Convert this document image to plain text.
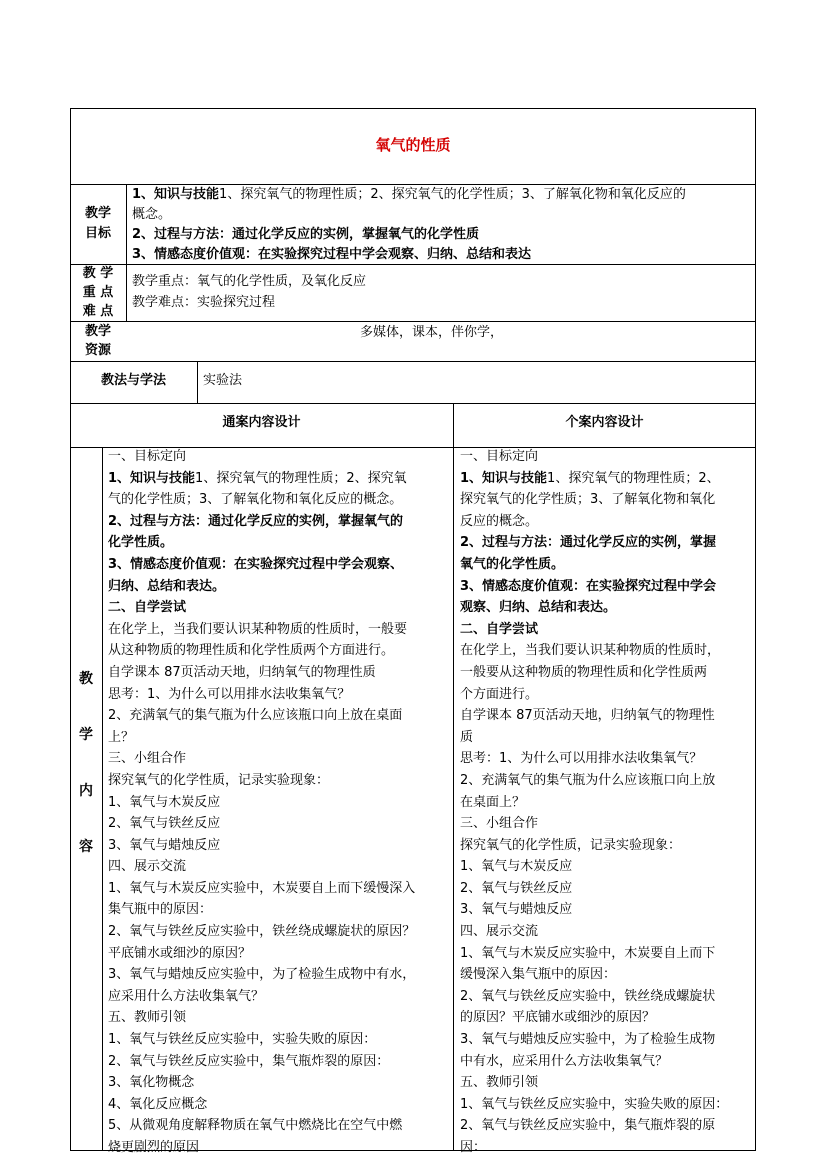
氧气的性质
教学
目标
1、知识与技能1、探究氧气的物理性质；2、探究氧气的化学性质；3、了解氧化物和氧化反应的
概念。
2、过程与方法：通过化学反应的实例，掌握氧气的化学性质
3、情感态度价值观：在实验探究过程中学会观察、归纳、总结和表达
教 学
重 点
难 点
教学重点：氧气的化学性质，及氧化反应
教学难点：实验探究过程
教学
资源
多媒体，课本，伴你学，
教法与学法	实验法
通案内容设计	个案内容设计
教
学
内
容
一、目标定向
1、知识与技能1、探究氧气的物理性质；2、探究氧
气的化学性质；3、了解氧化物和氧化反应的概念。
2、过程与方法：通过化学反应的实例，掌握氧气的
化学性质。
3、情感态度价值观：在实验探究过程中学会观察、
归纳、总结和表达。
二、自学尝试
在化学上，当我们要认识某种物质的性质时，一般要
从这种物质的物理性质和化学性质两个方面进行。
自学课本 87页活动天地，归纳氧气的物理性质
思考：1、为什么可以用排水法收集氧气？
2、充满氧气的集气瓶为什么应该瓶口向上放在桌面
上？
三、小组合作
探究氧气的化学性质，记录实验现象：
1、氧气与木炭反应
2、氧气与铁丝反应
3、氧气与蜡烛反应
四、展示交流
1、氧气与木炭反应实验中，木炭要自上而下缓慢深入
集气瓶中的原因：
2、氧气与铁丝反应实验中，铁丝绕成螺旋状的原因？
平底铺水或细沙的原因？
3、氧气与蜡烛反应实验中，为了检验生成物中有水，
应采用什么方法收集氧气？
五、教师引领
1、氧气与铁丝反应实验中，实验失败的原因：
2、氧气与铁丝反应实验中，集气瓶炸裂的原因：
3、氧化物概念
4、氧化反应概念
5、从微观角度解释物质在氧气中燃烧比在空气中燃
烧更剧烈的原因
一、目标定向
1、知识与技能1、探究氧气的物理性质；2、
探究氧气的化学性质；3、了解氧化物和氧化
反应的概念。
2、过程与方法：通过化学反应的实例，掌握
氧气的化学性质。
3、情感态度价值观：在实验探究过程中学会
观察、归纳、总结和表达。
二、自学尝试
在化学上，当我们要认识某种物质的性质时，
一般要从这种物质的物理性质和化学性质两
个方面进行。
自学课本 87页活动天地，归纳氧气的物理性
质
思考：1、为什么可以用排水法收集氧气？
2、充满氧气的集气瓶为什么应该瓶口向上放
在桌面上？
三、小组合作
探究氧气的化学性质，记录实验现象：
1、氧气与木炭反应
2、氧气与铁丝反应
3、氧气与蜡烛反应
四、展示交流
1、氧气与木炭反应实验中，木炭要自上而下
缓慢深入集气瓶中的原因：
2、氧气与铁丝反应实验中，铁丝绕成螺旋状
的原因？平底铺水或细沙的原因？
3、氧气与蜡烛反应实验中，为了检验生成物
中有水，应采用什么方法收集氧气？
五、教师引领
1、氧气与铁丝反应实验中，实验失败的原因：
2、氧气与铁丝反应实验中，集气瓶炸裂的原
因：
